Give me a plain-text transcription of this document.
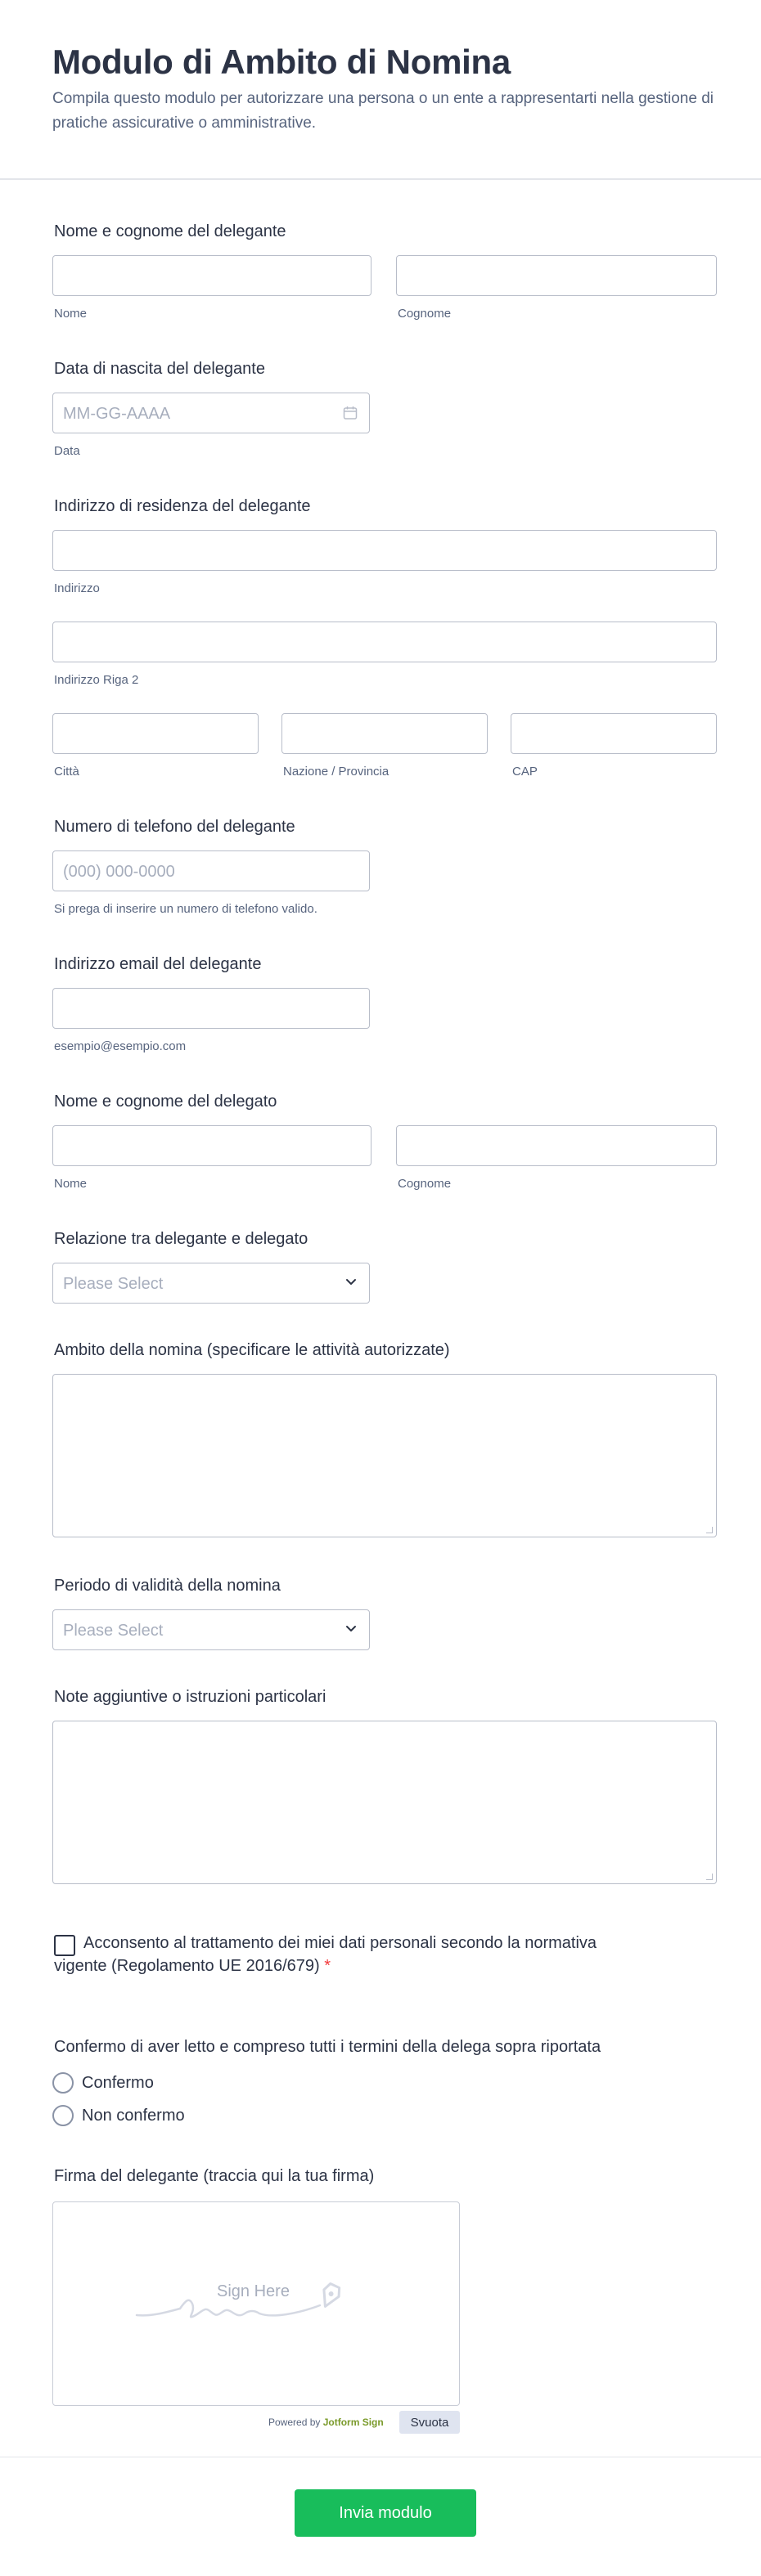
Modulo di Ambito di Nomina

Compila questo modulo per autorizzare una persona o un ente a rappresentarti nella gestione di pratiche assicurative o amministrative.

Nome e cognome del delegante
Nome	Cognome
Data di nascita del delegante
MM-GG-AAAA
Data
Indirizzo di residenza del delegante
Indirizzo
Indirizzo Riga 2
Città	Nazione / Provincia	CAP
Numero di telefono del delegante
(000) 000-0000
Si prega di inserire un numero di telefono valido.
Indirizzo email del delegante
esempio@esempio.com
Nome e cognome del delegato
Nome	Cognome
Relazione tra delegante e delegato
Please Select
Ambito della nomina (specificare le attività autorizzate)
Periodo di validità della nomina
Please Select
Note aggiuntive o istruzioni particolari
Acconsento al trattamento dei miei dati personali secondo la normativa vigente (Regolamento UE 2016/679) *
Confermo di aver letto e compreso tutti i termini della delega sopra riportata
Confermo
Non confermo
Firma del delegante (traccia qui la tua firma)
Sign Here
Powered by Jotform Sign	Svuota
Invia modulo
